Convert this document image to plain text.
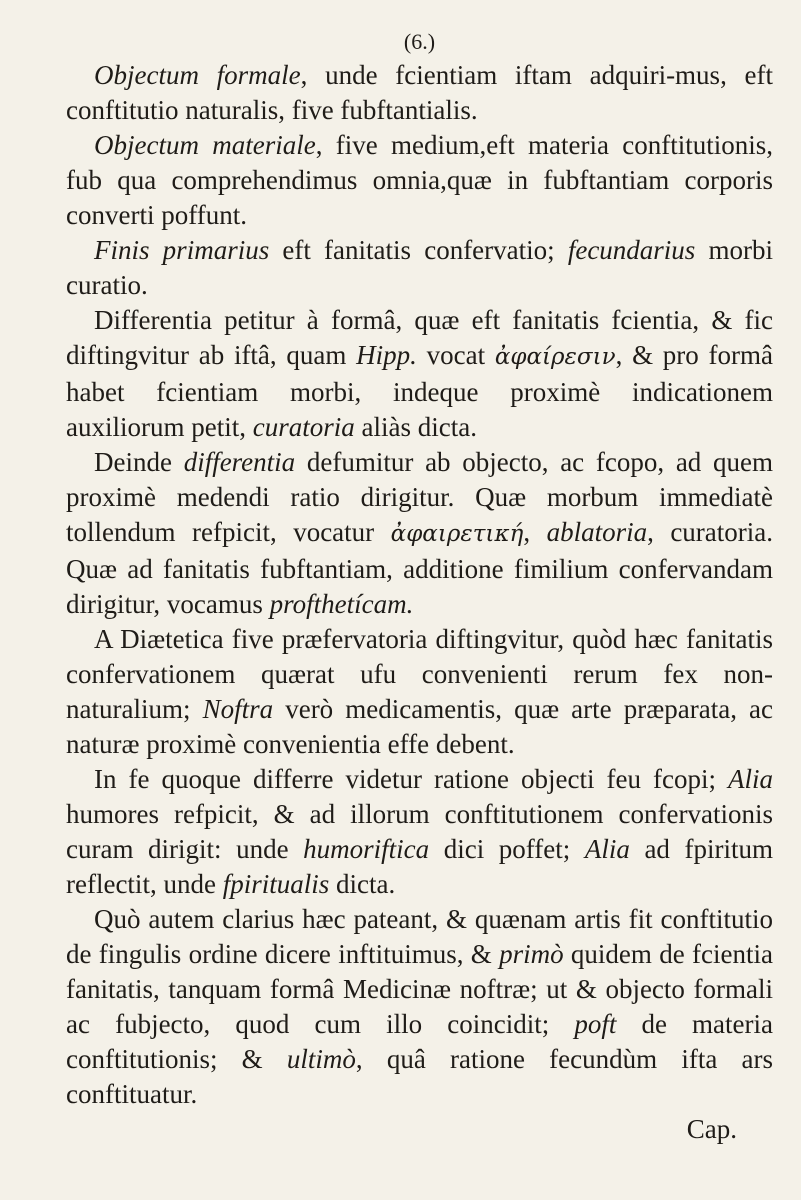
(6.)

Objectum formale, unde fcientiam iftam adquiri-mus, eft conftitutio naturalis, five fubftantialis.

Objectum materiale, five medium,eft materia conftitutionis, fub qua comprehendimus omnia,quæ in fubftantiam corporis converti poffunt.

Finis primarius eft fanitatis confervatio; fecundarius morbi curatio.

Differentia petitur à formâ, quæ eft fanitatis fcientia, & fic diftingvitur ab iftâ, quam Hipp. vocat ἀφαίρεσιν, & pro formâ habet fcientiam morbi, indeque proximè indicationem auxiliorum petit, curatoria aliàs dicta.

Deinde differentia defumitur ab objecto, ac fcopo, ad quem proximè medendi ratio dirigitur. Quæ morbum immediatè tollendum refpicit, vocatur ἀφαιρετική, ablatoria, curatoria. Quæ ad fanitatis fubftantiam, additione fimilium confervandam dirigitur, vocamus profthetícam.

A Diætetica five præfervatoria diftingvitur, quòd hæc fanitatis confervationem quærat ufu convenienti rerum fex non-naturalium; Noftra verò medicamentis, quæ arte præparata, ac naturæ proximè convenientia effe debent.

In fe quoque differre videtur ratione objecti feu fcopi; Alia humores refpicit, & ad illorum conftitutionem confervationis curam dirigit: unde humoriftica dici poffet; Alia ad fpiritum reflectit, unde fpiritualis dicta.

Quò autem clarius hæc pateant, & quænam artis fit conftitutio de fingulis ordine dicere inftituimus, & primò quidem de fcientia fanitatis, tanquam formâ Medicinæ noftræ; ut & objecto formali ac fubjecto, quod cum illo coincidit; poft de materia conftitutionis; & ultimò, quâ ratione fecundùm ifta ars conftituatur.

Cap.
